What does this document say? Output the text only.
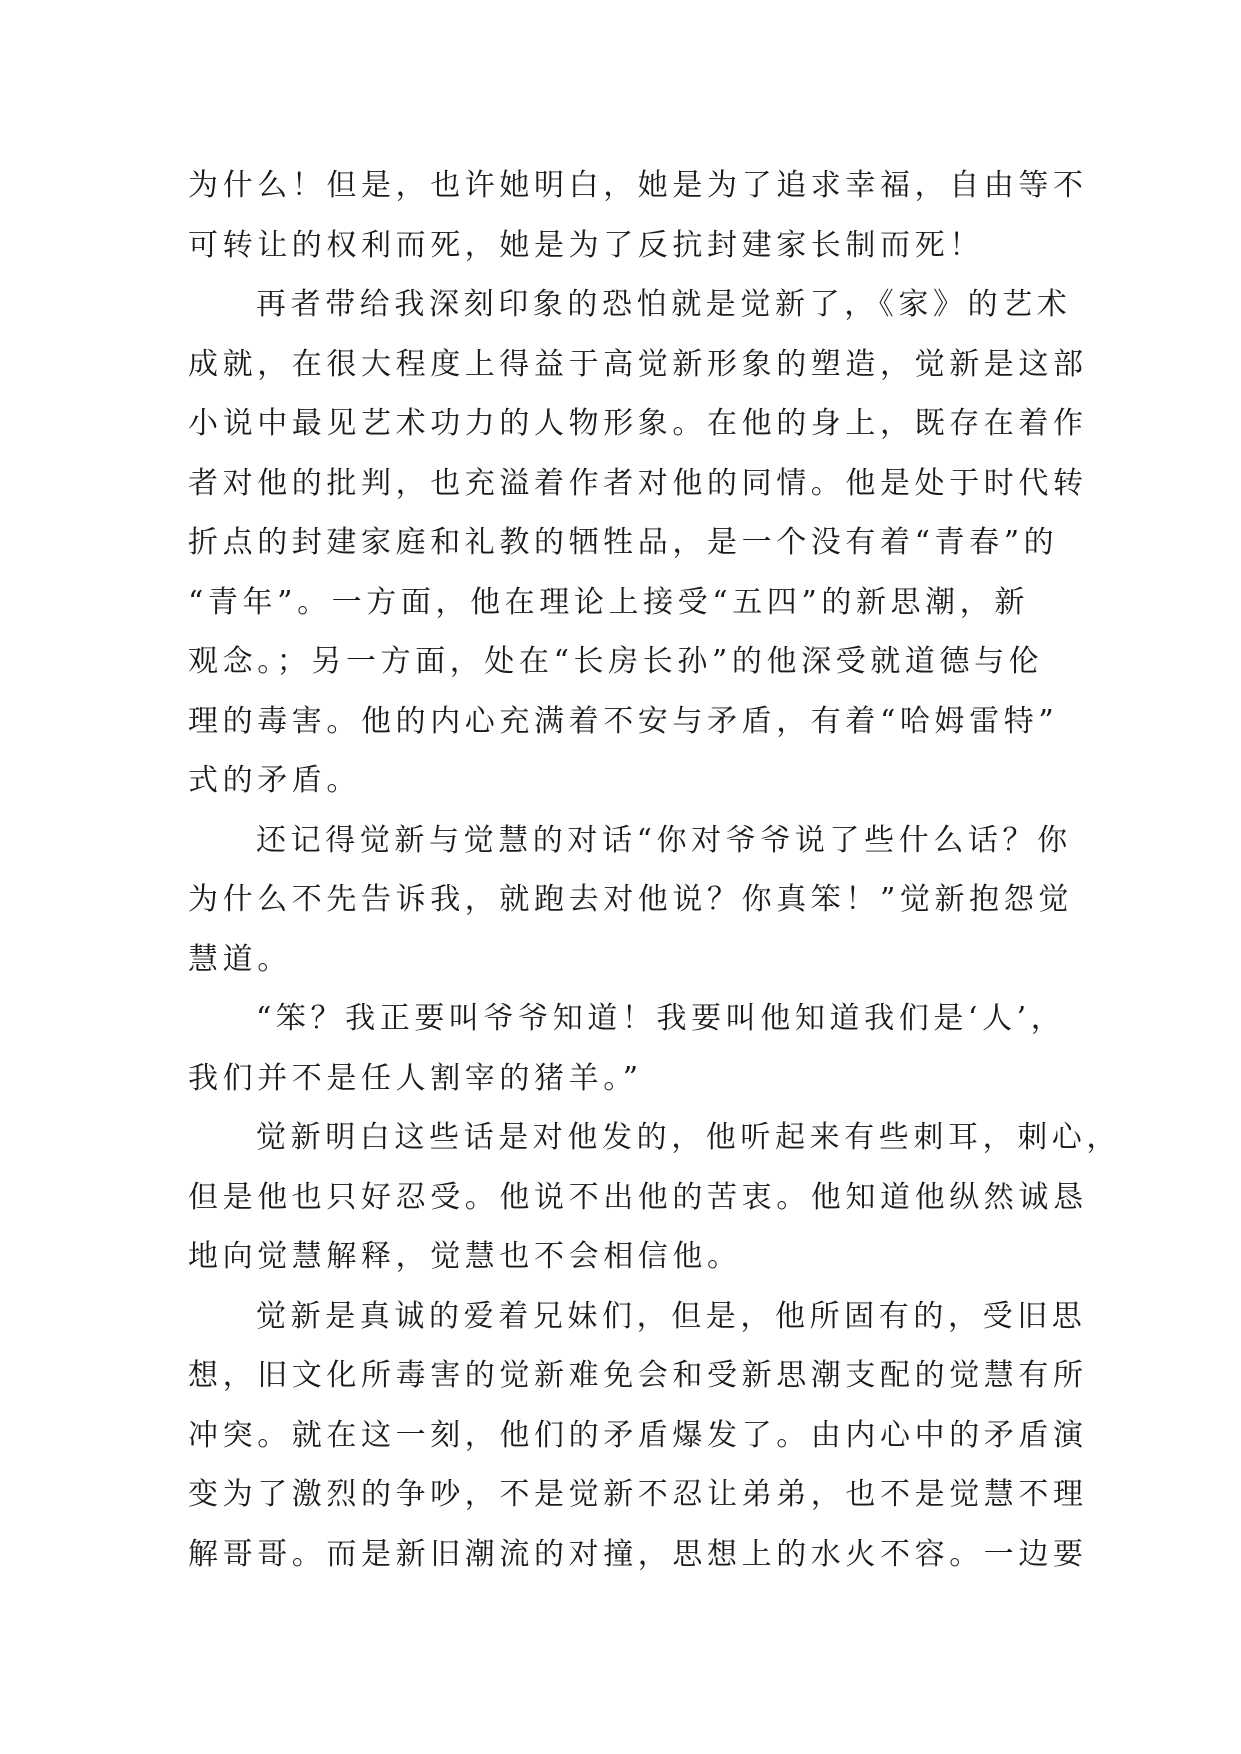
为什么！但是，也许她明白，她是为了追求幸福，自由等不
可转让的权利而死，她是为了反抗封建家长制而死！
再者带给我深刻印象的恐怕就是觉新了，《家》的艺术
成就，在很大程度上得益于高觉新形象的塑造，觉新是这部
小说中最见艺术功力的人物形象。在他的身上，既存在着作
者对他的批判，也充溢着作者对他的同情。他是处于时代转
折点的封建家庭和礼教的牺牲品，是一个没有着“青春”的
“青年”。一方面，他在理论上接受“五四”的新思潮，新
观念。；另一方面，处在“长房长孙”的他深受就道德与伦
理的毒害。他的内心充满着不安与矛盾，有着“哈姆雷特”
式的矛盾。
还记得觉新与觉慧的对话“你对爷爷说了些什么话？你
为什么不先告诉我，就跑去对他说？你真笨！”觉新抱怨觉
慧道。
“笨？我正要叫爷爷知道！我要叫他知道我们是‘人’，
我们并不是任人割宰的猪羊。”
觉新明白这些话是对他发的，他听起来有些刺耳，刺心，
但是他也只好忍受。他说不出他的苦衷。他知道他纵然诚恳
地向觉慧解释，觉慧也不会相信他。
觉新是真诚的爱着兄妹们，但是，他所固有的，受旧思
想，旧文化所毒害的觉新难免会和受新思潮支配的觉慧有所
冲突。就在这一刻，他们的矛盾爆发了。由内心中的矛盾演
变为了激烈的争吵，不是觉新不忍让弟弟，也不是觉慧不理
解哥哥。而是新旧潮流的对撞，思想上的水火不容。一边要
